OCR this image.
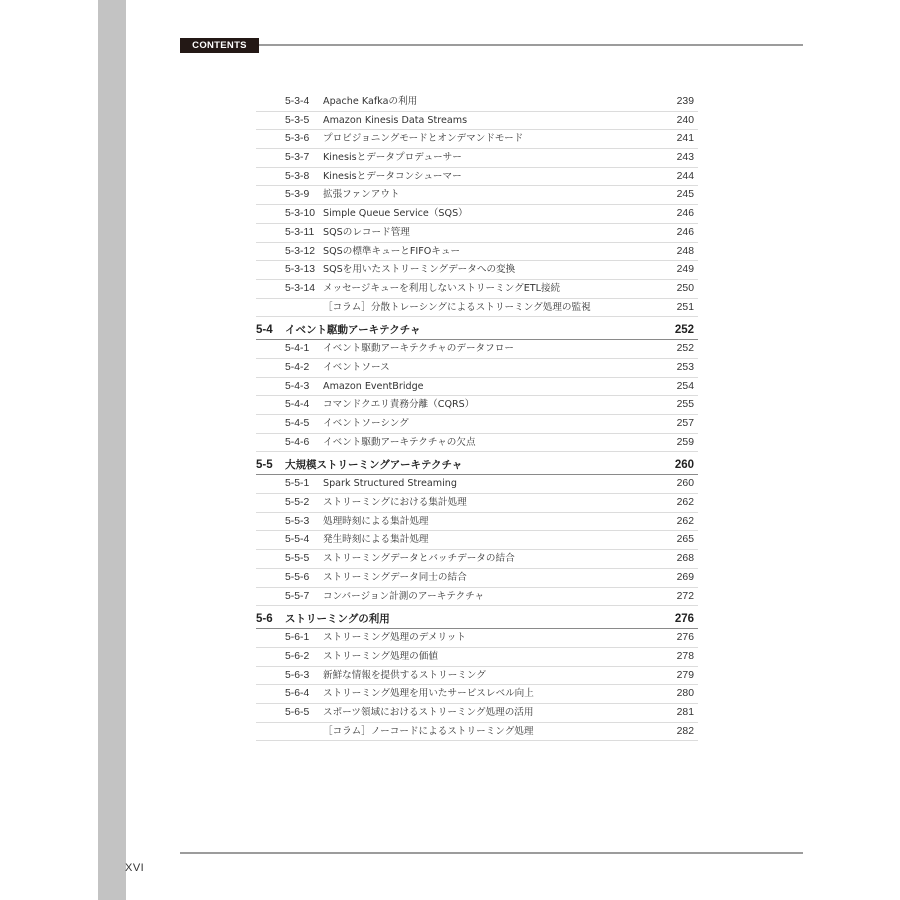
CONTENTS
5-3-4 Apache Kafkaの利用	239
5-3-5 Amazon Kinesis Data Streams	240
5-3-6 プロビジョニングモードとオンデマンドモード	241
5-3-7 Kinesisとデータプロデューサー	243
5-3-8 Kinesisとデータコンシューマー	244
5-3-9 拡張ファンアウト	245
5-3-10 Simple Queue Service（SQS）	246
5-3-11 SQSのレコード管理	246
5-3-12 SQSの標準キューとFIFOキュー	248
5-3-13 SQSを用いたストリーミングデータへの変換	249
5-3-14 メッセージキューを利用しないストリーミングETL接続	250
［コラム］分散トレーシングによるストリーミング処理の監視	251
5-4 イベント駆動アーキテクチャ	252
5-4-1 イベント駆動アーキテクチャのデータフロー	252
5-4-2 イベントソース	253
5-4-3 Amazon EventBridge	254
5-4-4 コマンドクエリ責務分離（CQRS）	255
5-4-5 イベントソーシング	257
5-4-6 イベント駆動アーキテクチャの欠点	259
5-5 大規模ストリーミングアーキテクチャ	260
5-5-1 Spark Structured Streaming	260
5-5-2 ストリーミングにおける集計処理	262
5-5-3 処理時刻による集計処理	262
5-5-4 発生時刻による集計処理	265
5-5-5 ストリーミングデータとバッチデータの結合	268
5-5-6 ストリーミングデータ同士の結合	269
5-5-7 コンバージョン計測のアーキテクチャ	272
5-6 ストリーミングの利用	276
5-6-1 ストリーミング処理のデメリット	276
5-6-2 ストリーミング処理の価値	278
5-6-3 新鮮な情報を提供するストリーミング	279
5-6-4 ストリーミング処理を用いたサービスレベル向上	280
5-6-5 スポーツ領域におけるストリーミング処理の活用	281
［コラム］ノーコードによるストリーミング処理	282
XVI
